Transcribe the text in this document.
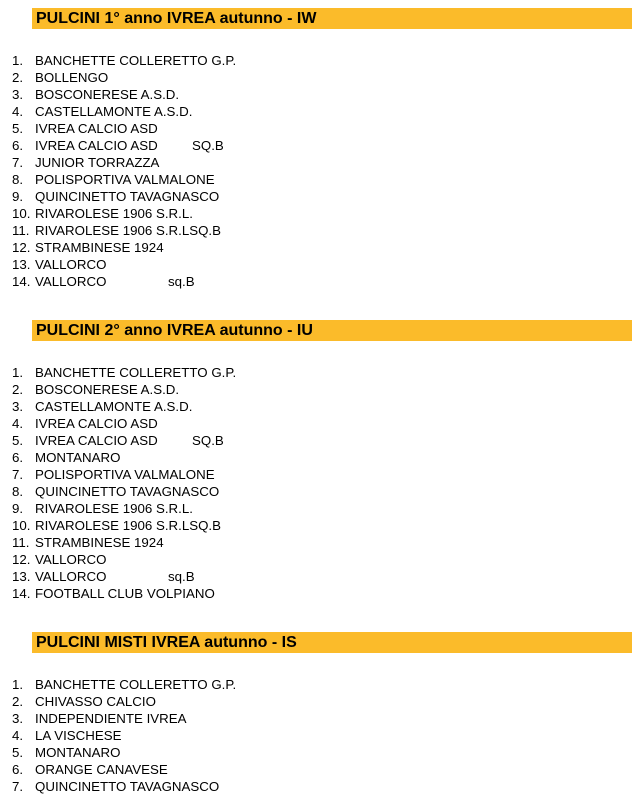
PULCINI 1° anno IVREA autunno - IW
1. BANCHETTE COLLERETTO G.P.
2. BOLLENGO
3. BOSCONERESE A.S.D.
4. CASTELLAMONTE A.S.D.
5. IVREA CALCIO ASD
6. IVREA CALCIO ASD	SQ.B
7. JUNIOR TORRAZZA
8. POLISPORTIVA VALMALONE
9. QUINCINETTO TAVAGNASCO
10. RIVAROLESE 1906 S.R.L.
11. RIVAROLESE 1906 S.R.LSQ.B
12. STRAMBINESE 1924
13. VALLORCO
14. VALLORCO	sq.B
PULCINI 2° anno IVREA autunno - IU
1. BANCHETTE COLLERETTO G.P.
2. BOSCONERESE A.S.D.
3. CASTELLAMONTE A.S.D.
4. IVREA CALCIO ASD
5. IVREA CALCIO ASD	SQ.B
6. MONTANARO
7. POLISPORTIVA VALMALONE
8. QUINCINETTO TAVAGNASCO
9. RIVAROLESE 1906 S.R.L.
10. RIVAROLESE 1906 S.R.LSQ.B
11. STRAMBINESE 1924
12. VALLORCO
13. VALLORCO	sq.B
14. FOOTBALL CLUB VOLPIANO
PULCINI MISTI IVREA autunno - IS
1. BANCHETTE COLLERETTO G.P.
2. CHIVASSO CALCIO
3. INDEPENDIENTE IVREA
4. LA VISCHESE
5. MONTANARO
6. ORANGE CANAVESE
7. QUINCINETTO TAVAGNASCO
